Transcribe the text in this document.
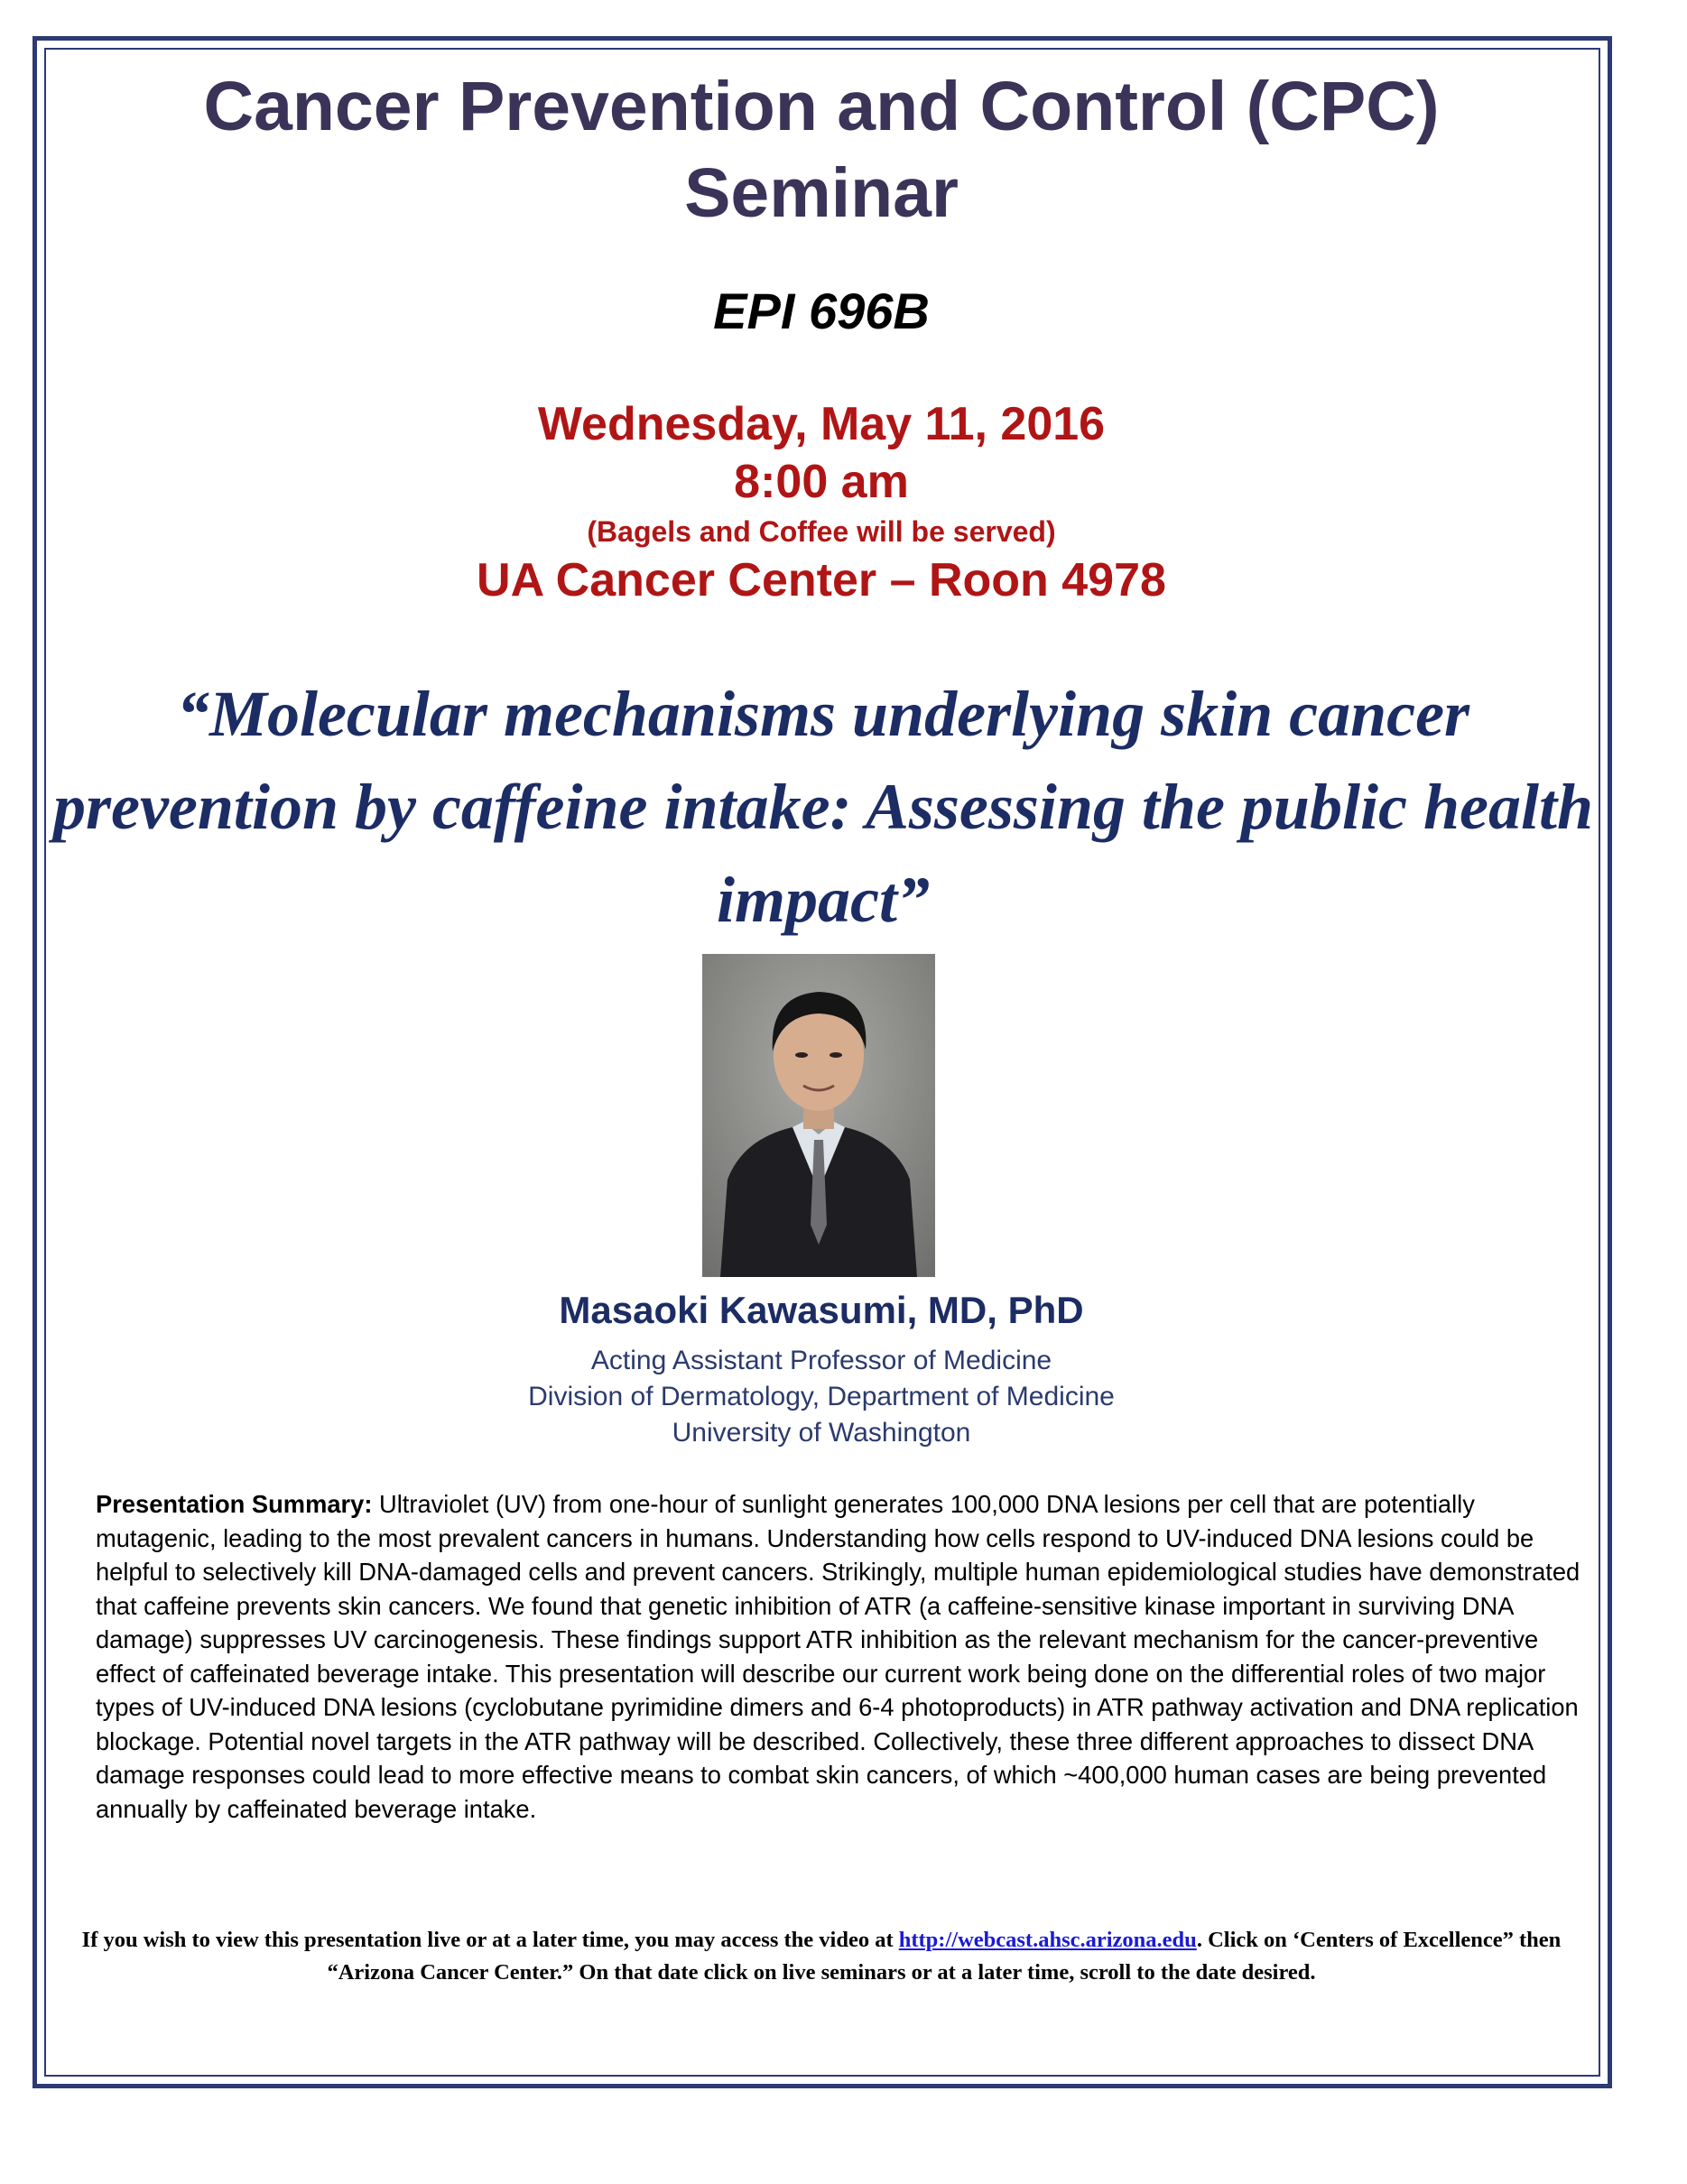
Cancer Prevention and Control (CPC)
Seminar
EPI 696B
Wednesday, May 11, 2016
8:00 am
(Bagels and Coffee will be served)
UA Cancer Center – Roon 4978
“Molecular mechanisms underlying skin cancer prevention by caffeine intake: Assessing the public health impact”
Masaoki Kawasumi, MD, PhD
Acting Assistant Professor of Medicine
Division of Dermatology, Department of Medicine
University of Washington

Presentation Summary: Ultraviolet (UV) from one-hour of sunlight generates 100,000 DNA lesions per cell that are potentially mutagenic, leading to the most prevalent cancers in humans. Understanding how cells respond to UV-induced DNA lesions could be helpful to selectively kill DNA-damaged cells and prevent cancers. Strikingly, multiple human epidemiological studies have demonstrated that caffeine prevents skin cancers. We found that genetic inhibition of ATR (a caffeine-sensitive kinase important in surviving DNA damage) suppresses UV carcinogenesis. These findings support ATR inhibition as the relevant mechanism for the cancer-preventive effect of caffeinated beverage intake. This presentation will describe our current work being done on the differential roles of two major types of UV-induced DNA lesions (cyclobutane pyrimidine dimers and 6-4 photoproducts) in ATR pathway activation and DNA replication blockage. Potential novel targets in the ATR pathway will be described. Collectively, these three different approaches to dissect DNA damage responses could lead to more effective means to combat skin cancers, of which ~400,000 human cases are being prevented annually by caffeinated beverage intake.

If you wish to view this presentation live or at a later time, you may access the video at http://webcast.ahsc.arizona.edu. Click on ‘Centers of Excellence” then “Arizona Cancer Center.” On that date click on live seminars or at a later time, scroll to the date desired.
